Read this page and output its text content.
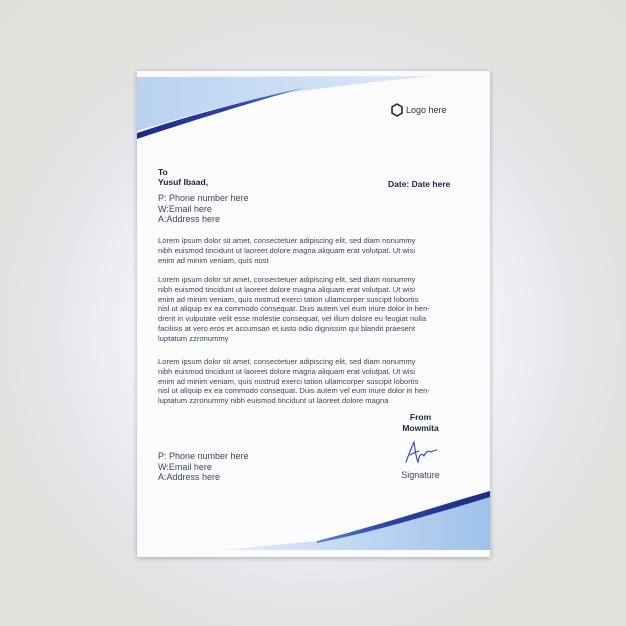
Logo here
To
Yusuf Ibaad,	Date: Date here
P: Phone number here
W:Email here
A:Address here
Lorem ipsum dolor sit amet, consectetuer adipiscing elit, sed diam nonummy
nibh euismod tincidunt ut laoreet dolore magna aliquam erat volutpat. Ut wisi
enim ad minim veniam, quis nost
Lorem ipsum dolor sit amet, consectetuer adipiscing elit, sed diam nonummy
nibh euismod tincidunt ut laoreet dolore magna aliquam erat volutpat. Ut wisi
enim ad minim veniam, quis nostrud exerci tation ullamcorper suscipit lobortis
nisl ut aliquip ex ea commodo consequat. Duis autem vel eum iriure dolor in hen-
drerit in vulputate velit esse molestie consequat, vel illum dolore eu feugiat nulla
facilisis at vero eros et accumsan et iusto odio dignissim qui blandit praesent
luptatum zzronummy
Lorem ipsum dolor sit amet, consectetuer adipiscing elit, sed diam nonummy
nibh euismod tincidunt ut laoreet dolore magna aliquam erat volutpat. Ut wisi
enim ad minim veniam, quis nostrud exerci tation ullamcorper suscipit lobortis
nisl ut aliquip ex ea commodo consequat. Duis autem vel eum iriure dolor in hen-
luptatum zzronummy nibh euismod tincidunt ut laoreet dolore magna
From
Mowmita
Signature
P: Phone number here
W:Email here
A:Address here
